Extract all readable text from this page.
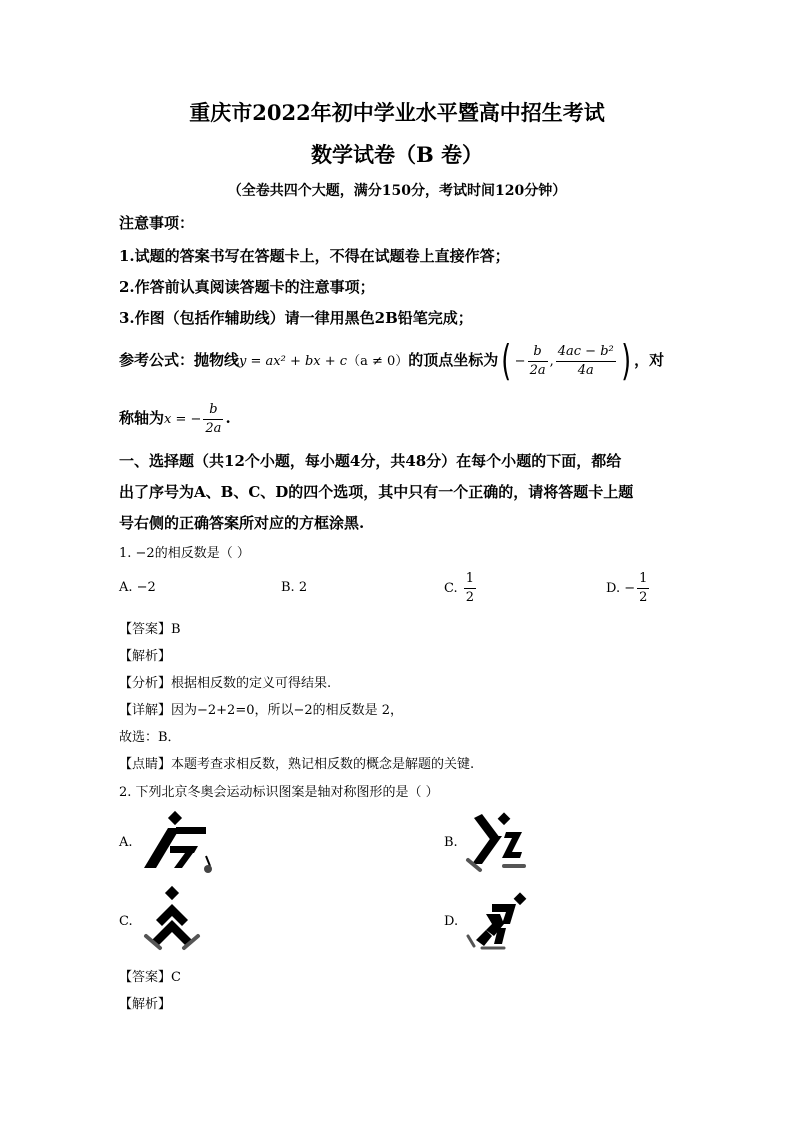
重庆市2022年初中学业水平暨高中招生考试
数学试卷（B 卷）
（全卷共四个大题，满分150分，考试时间120分钟）
注意事项：
1.试题的答案书写在答题卡上，不得在试题卷上直接作答；
2.作答前认真阅读答题卡的注意事项；
3.作图（包括作辅助线）请一律用黑色2B铅笔完成；
参考公式：抛物线y = ax² + bx + c（a ≠ 0）的顶点坐标为( − $\frac{b}{2a}$ , $\frac{\text{4ac − b²}}{4a}$ ) ，对
称轴为x = − $\frac{b}{2a}$ .
一、选择题（共12个小题，每小题4分，共48分）在每个小题的下面，都给
出了序号为A、B、C、D的四个选项，其中只有一个正确的，请将答题卡上题
号右侧的正确答案所对应的方框涂黑.
1. −2的相反数是（ ）
A. −2	B. 2	C. $\frac{1}{2}$	D. − $\frac{1}{2}$
【答案】B
【解析】
【分析】根据相反数的定义可得结果.
【详解】因为−2+2=0，所以−2的相反数是 2，
故选：B．
【点睛】本题考查求相反数，熟记相反数的概念是解题的关键.
2. 下列北京冬奥会运动标识图案是轴对称图形的是（ ）
A.	B.
C.	D.
【答案】C
【解析】
